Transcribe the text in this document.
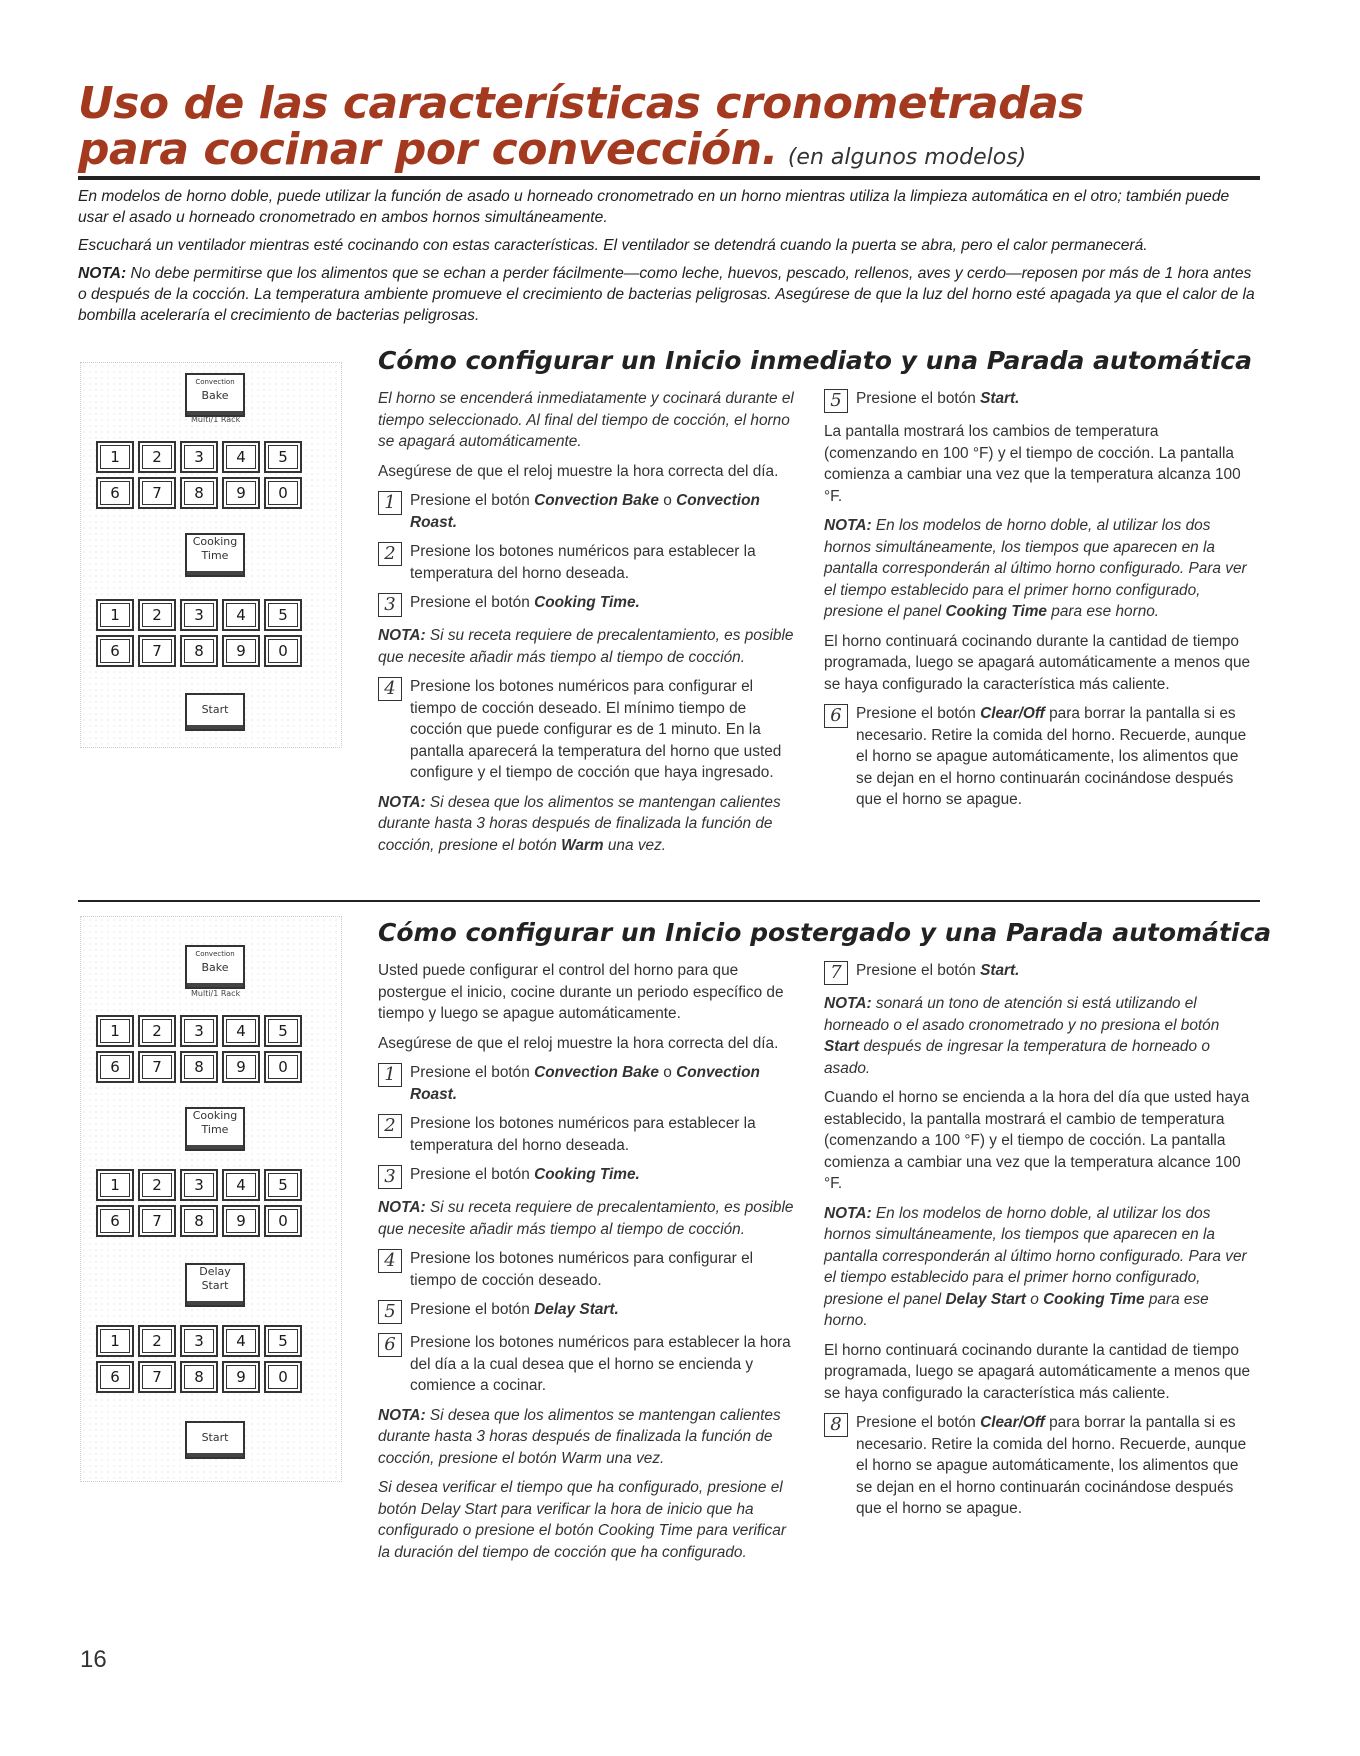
Uso de las características cronometradas
para cocinar por convección. (en algunos modelos)

En modelos de horno doble, puede utilizar la función de asado u horneado cronometrado en un horno mientras utiliza la limpieza automática en el otro; también puede usar el asado u horneado cronometrado en ambos hornos simultáneamente.

Escuchará un ventilador mientras esté cocinando con estas características. El ventilador se detendrá cuando la puerta se abra, pero el calor permanecerá.

NOTA: No debe permitirse que los alimentos que se echan a perder fácilmente—como leche, huevos, pescado, rellenos, aves y cerdo—reposen por más de 1 hora antes o después de la cocción. La temperatura ambiente promueve el crecimiento de bacterias peligrosas. Asegúrese de que la luz del horno esté apagada ya que el calor de la bombilla aceleraría el crecimiento de bacterias peligrosas.

Convection
Bake
Multi/1 Rack
1	2	3	4	5
6	7	8	9	0
Cooking
Time
1	2	3	4	5
6	7	8	9	0
Start
Cómo configurar un Inicio inmediato y una Parada automática

El horno se encenderá inmediatamente y cocinará durante el tiempo seleccionado. Al final del tiempo de cocción, el horno se apagará automáticamente.

Asegúrese de que el reloj muestre la hora correcta del día.

1 Presione el botón Convection Bake o Convection Roast.
2 Presione los botones numéricos para establecer la temperatura del horno deseada.
3 Presione el botón Cooking Time.

NOTA: Si su receta requiere de precalentamiento, es posible que necesite añadir más tiempo al tiempo de cocción.

4 Presione los botones numéricos para configurar el tiempo de cocción deseado. El mínimo tiempo de cocción que puede configurar es de 1 minuto. En la pantalla aparecerá la temperatura del horno que usted configure y el tiempo de cocción que haya ingresado.

NOTA: Si desea que los alimentos se mantengan calientes durante hasta 3 horas después de finalizada la función de cocción, presione el botón Warm una vez.

5 Presione el botón Start.

La pantalla mostrará los cambios de temperatura (comenzando en 100 °F) y el tiempo de cocción. La pantalla comienza a cambiar una vez que la temperatura alcanza 100 °F.

NOTA: En los modelos de horno doble, al utilizar los dos hornos simultáneamente, los tiempos que aparecen en la pantalla corresponderán al último horno configurado. Para ver el tiempo establecido para el primer horno configurado, presione el panel Cooking Time para ese horno.

El horno continuará cocinando durante la cantidad de tiempo programada, luego se apagará automáticamente a menos que se haya configurado la característica más caliente.

6 Presione el botón Clear/Off para borrar la pantalla si es necesario. Retire la comida del horno. Recuerde, aunque el horno se apague automáticamente, los alimentos que se dejan en el horno continuarán cocinándose después que el horno se apague.
Convection
Bake
Multi/1 Rack
1	2	3	4	5
6	7	8	9	0
Cooking
Time
1	2	3	4	5
6	7	8	9	0
Delay
Start
1	2	3	4	5
6	7	8	9	0
Start
Cómo configurar un Inicio postergado y una Parada automática

Usted puede configurar el control del horno para que postergue el inicio, cocine durante un periodo específico de tiempo y luego se apague automáticamente.

Asegúrese de que el reloj muestre la hora correcta del día.

1 Presione el botón Convection Bake o Convection Roast.
2 Presione los botones numéricos para establecer la temperatura del horno deseada.
3 Presione el botón Cooking Time.

NOTA: Si su receta requiere de precalentamiento, es posible que necesite añadir más tiempo al tiempo de cocción.

4 Presione los botones numéricos para configurar el tiempo de cocción deseado.
5 Presione el botón Delay Start.
6 Presione los botones numéricos para establecer la hora del día a la cual desea que el horno se encienda y comience a cocinar.

NOTA: Si desea que los alimentos se mantengan calientes durante hasta 3 horas después de finalizada la función de cocción, presione el botón Warm una vez.

Si desea verificar el tiempo que ha configurado, presione el botón Delay Start para verificar la hora de inicio que ha configurado o presione el botón Cooking Time para verificar la duración del tiempo de cocción que ha configurado.

7 Presione el botón Start.

NOTA: sonará un tono de atención si está utilizando el horneado o el asado cronometrado y no presiona el botón Start después de ingresar la temperatura de horneado o asado.

Cuando el horno se encienda a la hora del día que usted haya establecido, la pantalla mostrará el cambio de temperatura (comenzando a 100 °F) y el tiempo de cocción. La pantalla comienza a cambiar una vez que la temperatura alcance 100 °F.

NOTA: En los modelos de horno doble, al utilizar los dos hornos simultáneamente, los tiempos que aparecen en la pantalla corresponderán al último horno configurado. Para ver el tiempo establecido para el primer horno configurado, presione el panel Delay Start o Cooking Time para ese horno.

El horno continuará cocinando durante la cantidad de tiempo programada, luego se apagará automáticamente a menos que se haya configurado la característica más caliente.

8 Presione el botón Clear/Off para borrar la pantalla si es necesario. Retire la comida del horno. Recuerde, aunque el horno se apague automáticamente, los alimentos que se dejan en el horno continuarán cocinándose después que el horno se apague.
16
